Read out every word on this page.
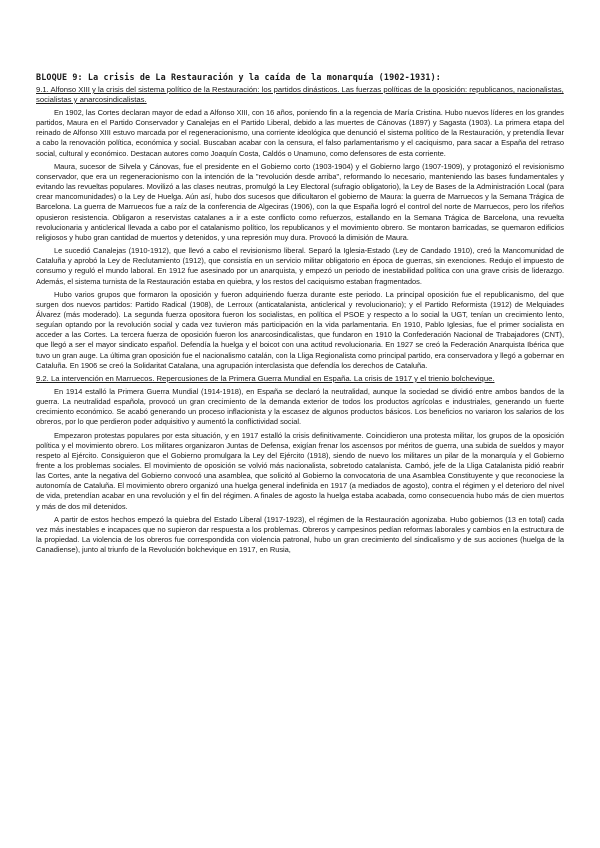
BLOQUE 9: La crisis de La Restauración y la caída de la monarquía (1902-1931):
9.1. Alfonso XIII y la crisis del sistema político de la Restauración: los partidos dinásticos. Las fuerzas políticas de la oposición: republicanos, nacionalistas, socialistas y anarcosindicalistas.

En 1902, las Cortes declaran mayor de edad a Alfonso XIII, con 16 años, poniendo fin a la regencia de María Cristina. Hubo nuevos líderes en los grandes partidos, Maura en el Partido Conservador y Canalejas en el Partido Liberal, debido a las muertes de Cánovas (1897) y Sagasta (1903). La primera etapa del reinado de Alfonso XIII estuvo marcada por el regeneracionismo, una corriente ideológica que denunció el sistema político de la Restauración, y pretendía llevar a cabo la renovación política, económica y social. Buscaban acabar con la censura, el falso parlamentarismo y el caciquismo, para sacar a España del retraso social, cultural y económico. Destacan autores como Joaquín Costa, Caldós o Unamuno, como defensores de esta corriente.

Maura, sucesor de Silvela y Cánovas, fue el presidente en el Gobierno corto (1903-1904) y el Gobierno largo (1907-1909), y protagonizó el revisionismo conservador, que era un regeneracionismo con la intención de la "revolución desde arriba", reformando lo necesario, manteniendo las bases fundamentales y evitando las revueltas populares. Movilizó a las clases neutras, promulgó la Ley Electoral (sufragio obligatorio), la Ley de Bases de la Administración Local (para crear mancomunidades) o la Ley de Huelga. Aún así, hubo dos sucesos que dificultaron el gobierno de Maura: la guerra de Marruecos y la Semana Trágica de Barcelona. La guerra de Marruecos fue a raíz de la conferencia de Algeciras (1906), con la que España logró el control del norte de Marruecos, pero los rifeños opusieron resistencia. Obligaron a reservistas catalanes a ir a este conflicto como refuerzos, estallando en la Semana Trágica de Barcelona, una revuelta revolucionaria y anticlerical llevada a cabo por el catalanismo político, los republicanos y el movimiento obrero. Se montaron barricadas, se quemaron edificios religiosos y hubo gran cantidad de muertos y detenidos, y una represión muy dura. Provocó la dimisión de Maura.

Le sucedió Canalejas (1910-1912), que llevó a cabo el revisionismo liberal. Separó la Iglesia-Estado (Ley de Candado 1910), creó la Mancomunidad de Cataluña y aprobó la Ley de Reclutamiento (1912), que consistía en un servicio militar obligatorio en época de guerras, sin exenciones. Redujo el impuesto de consumo y reguló el mundo laboral. En 1912 fue asesinado por un anarquista, y empezó un periodo de inestabilidad política con una grave crisis de liderazgo. Además, el sistema turnista de la Restauración estaba en quiebra, y los restos del caciquismo estaban fragmentados.

Hubo varios grupos que formaron la oposición y fueron adquiriendo fuerza durante este periodo. La principal oposición fue el republicanismo, del que surgen dos nuevos partidos: Partido Radical (1908), de Lerroux (anticatalanista, anticlerical y revolucionario); y el Partido Reformista (1912) de Melquiades Álvarez (más moderado). La segunda fuerza opositora fueron los socialistas, en política el PSOE y respecto a lo social la UGT, tenían un crecimiento lento, seguían optando por la revolución social y cada vez tuvieron más participación en la vida parlamentaria. En 1910, Pablo Iglesias, fue el primer socialista en acceder a las Cortes. La tercera fuerza de oposición fueron los anarcosindicalistas, que fundaron en 1910 la Confederación Nacional de Trabajadores (CNT), que llegó a ser el mayor sindicato español. Defendía la huelga y el boicot con una actitud revolucionaria. En 1927 se creó la Federación Anarquista Ibérica que tuvo un gran auge. La última gran oposición fue el nacionalismo catalán, con la Lliga Regionalista como principal partido, era conservadora y llegó a gobernar en Cataluña. En 1906 se creó la Solidaritat Catalana, una agrupación interclasista que defendía los derechos de Cataluña.

9.2. La intervención en Marruecos. Repercusiones de la Primera Guerra Mundial en España. La crisis de 1917 y el trienio bolchevique.

En 1914 estalló la Primera Guerra Mundial (1914-1918), en España se declaró la neutralidad, aunque la sociedad se dividió entre ambos bandos de la guerra. La neutralidad española, provocó un gran crecimiento de la demanda exterior de todos los productos agrícolas e industriales, generando un fuerte crecimiento económico. Se acabó generando un proceso inflacionista y la escasez de algunos productos básicos. Los beneficios no variaron los salarios de los obreros, por lo que perdieron poder adquisitivo y aumentó la conflictividad social.

Empezaron protestas populares por esta situación, y en 1917 estalló la crisis definitivamente. Coincidieron una protesta militar, los grupos de la oposición política y el movimiento obrero. Los militares organizaron Juntas de Defensa, exigían frenar los ascensos por méritos de guerra, una subida de sueldos y mayor respeto al Ejército. Consiguieron que el Gobierno promulgara la Ley del Ejército (1918), siendo de nuevo los militares un pilar de la monarquía y el Gobierno frente a los problemas sociales. El movimiento de oposición se volvió más nacionalista, sobretodo catalanista. Cambó, jefe de la Lliga Catalanista pidió reabrir las Cortes, ante la negativa del Gobierno convocó una asamblea, que solicitó al Gobierno la convocatoria de una Asamblea Constituyente y que reconociese la autonomía de Cataluña. El movimiento obrero organizó una huelga general indefinida en 1917 (a mediados de agosto), contra el régimen y el deterioro del nivel de vida, pretendían acabar en una revolución y el fin del régimen. A finales de agosto la huelga estaba acabada, como consecuencia hubo más de cien muertos y más de dos mil detenidos.

A partir de estos hechos empezó la quiebra del Estado Liberal (1917-1923), el régimen de la Restauración agonizaba. Hubo gobiernos (13 en total) cada vez más inestables e incapaces que no supieron dar respuesta a los problemas. Obreros y campesinos pedían reformas laborales y cambios en la estructura de la propiedad. La violencia de los obreros fue correspondida con violencia patronal, hubo un gran crecimiento del sindicalismo y de sus acciones (huelga de la Canadiense), junto al triunfo de la Revolución bolchevique en 1917, en Rusia,
